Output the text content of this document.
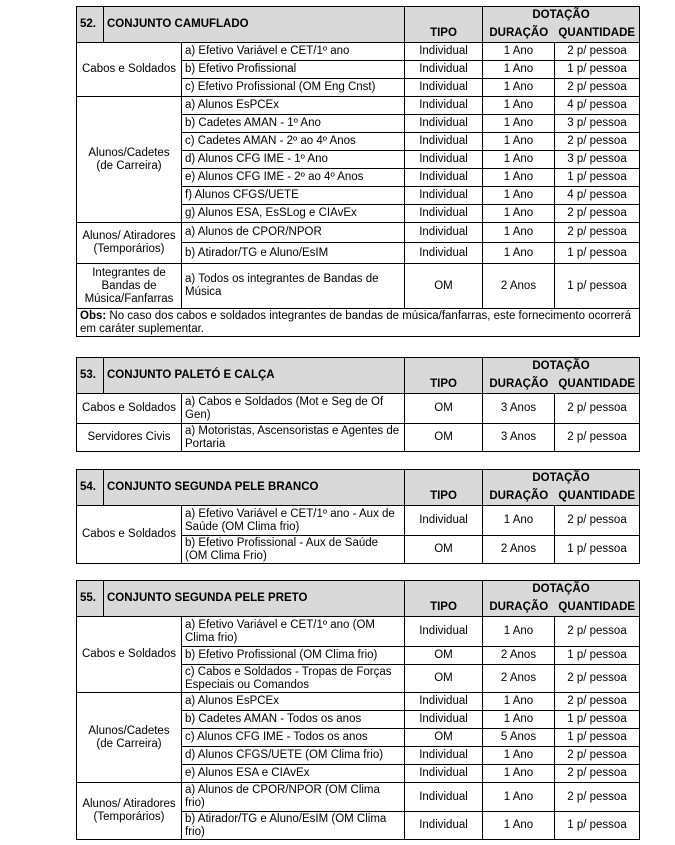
52.	CONJUNTO CAMUFLADO			DOTAÇÃO	
			TIPO	DURAÇÃO	QUANTIDADE
Cabos e Soldados		a) Efetivo Variável e CET/1º ano	Individual	1 Ano	2 p/ pessoa
		b) Efetivo Profissional	Individual	1 Ano	1 p/ pessoa
		c) Efetivo Profissional (OM Eng Cnst)	Individual	1 Ano	2 p/ pessoa
Alunos/Cadetes (de Carreira)		a) Alunos EsPCEx	Individual	1 Ano	4 p/ pessoa
		b) Cadetes AMAN - 1º Ano	Individual	1 Ano	3 p/ pessoa
		c) Cadetes AMAN - 2º ao 4º Anos	Individual	1 Ano	2 p/ pessoa
		d) Alunos CFG IME - 1º Ano	Individual	1 Ano	3 p/ pessoa
		e) Alunos CFG IME - 2º ao 4º Anos	Individual	1 Ano	1 p/ pessoa
		f) Alunos CFGS/UETE	Individual	1 Ano	4 p/ pessoa
		g) Alunos ESA, EsSLog e CIAvEx	Individual	1 Ano	2 p/ pessoa
Alunos/ Atiradores (Temporários)		a) Alunos de CPOR/NPOR	Individual	1 Ano	2 p/ pessoa
		b) Atirador/TG e Aluno/EsIM	Individual	1 Ano	1 p/ pessoa
Integrantes de Bandas de Música/Fanfarras		a) Todos os integrantes de Bandas de Música	OM	2 Anos	1 p/ pessoa
Obs: No caso dos cabos e soldados integrantes de bandas de música/fanfarras, este fornecimento ocorrerá em caráter suplementar.					
53.	CONJUNTO PALETÓ E CALÇA			DOTAÇÃO	
			TIPO	DURAÇÃO	QUANTIDADE
Cabos e Soldados		a) Cabos e Soldados (Mot e Seg de Of Gen)	OM	3 Anos	2 p/ pessoa
Servidores Civis		a) Motoristas, Ascensoristas e Agentes de Portaria	OM	3 Anos	2 p/ pessoa
54.	CONJUNTO SEGUNDA PELE BRANCO			DOTAÇÃO	
			TIPO	DURAÇÃO	QUANTIDADE
Cabos e Soldados		a) Efetivo Variável e CET/1º ano - Aux de Saúde (OM Clima frio)	Individual	1 Ano	2 p/ pessoa
		b) Efetivo Profissional - Aux de Saúde (OM Clima Frio)	OM	2 Anos	1 p/ pessoa
55.	CONJUNTO SEGUNDA PELE PRETO			DOTAÇÃO	
			TIPO	DURAÇÃO	QUANTIDADE
Cabos e Soldados		a) Efetivo Variável e CET/1º ano (OM Clima frio)	Individual	1 Ano	2 p/ pessoa
		b) Efetivo Profissional (OM Clima frio)	OM	2 Anos	1 p/ pessoa
		c) Cabos e Soldados - Tropas de Forças Especiais ou Comandos	OM	2 Anos	2 p/ pessoa
Alunos/Cadetes (de Carreira)		a) Alunos EsPCEx	Individual	1 Ano	2 p/ pessoa
		b) Cadetes AMAN - Todos os anos	Individual	1 Ano	1 p/ pessoa
		c) Alunos CFG IME - Todos os anos	OM	5 Anos	1 p/ pessoa
		d) Alunos CFGS/UETE (OM Clima frio)	Individual	1 Ano	2 p/ pessoa
		e) Alunos ESA e CIAvEx	Individual	1 Ano	2 p/ pessoa
Alunos/ Atiradores (Temporários)		a) Alunos de CPOR/NPOR (OM Clima frio)	Individual	1 Ano	2 p/ pessoa
		b) Atirador/TG e Aluno/EsIM (OM Clima frio)	Individual	1 Ano	1 p/ pessoa
